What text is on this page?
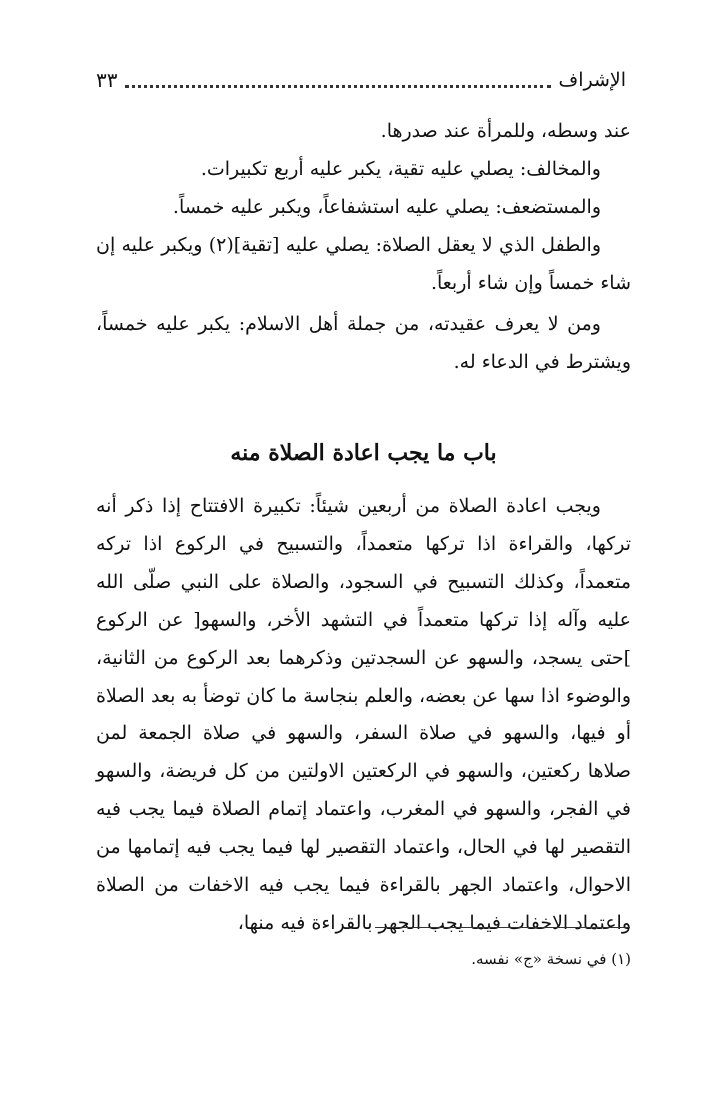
الإشراف
٣٣

عند وسطه، وللمرأة عند صدرها.

والمخالف: يصلي عليه تقية، يكبر عليه أربع تكبيرات.

والمستضعف: يصلي عليه استشفاعاً، ويكبر عليه خمساً.

والطفل الذي لا يعقل الصلاة: يصلي عليه [تقية](٢) ويكبر عليه إن شاء خمساً وإن شاء أربعاً.

ومن لا يعرف عقيدته، من جملة أهل الاسلام: يكبر عليه خمساً، ويشترط في الدعاء له.

باب ما يجب اعادة الصلاة منه

ويجب اعادة الصلاة من أربعين شيئاً: تكبيرة الافتتاح إذا ذكر أنه تركها، والقراءة اذا تركها متعمداً، والتسبيح في الركوع اذا تركه متعمداً، وكذلك التسبيح في السجود، والصلاة على النبي صلّى الله عليه وآله إذا تركها متعمداً في التشهد الأخر، والسهو[ عن الركوع ]حتى يسجد، والسهو عن السجدتين وذكرهما بعد الركوع من الثانية، والوضوء اذا سها عن بعضه، والعلم بنجاسة ما كان توضأ به بعد الصلاة أو فيها، والسهو في صلاة السفر، والسهو في صلاة الجمعة لمن صلاها ركعتين، والسهو في الركعتين الاولتين من كل فريضة، والسهو في الفجر، والسهو في المغرب، واعتماد إتمام الصلاة فيما يجب فيه التقصير لها في الحال، واعتماد التقصير لها فيما يجب فيه إتمامها من الاحوال، واعتماد الجهر بالقراءة فيما يجب فيه الاخفات من الصلاة واعتماد الاخفات فيما يجب الجهر بالقراءة فيه منها،

(١) في نسخة «ج» نفسه.
